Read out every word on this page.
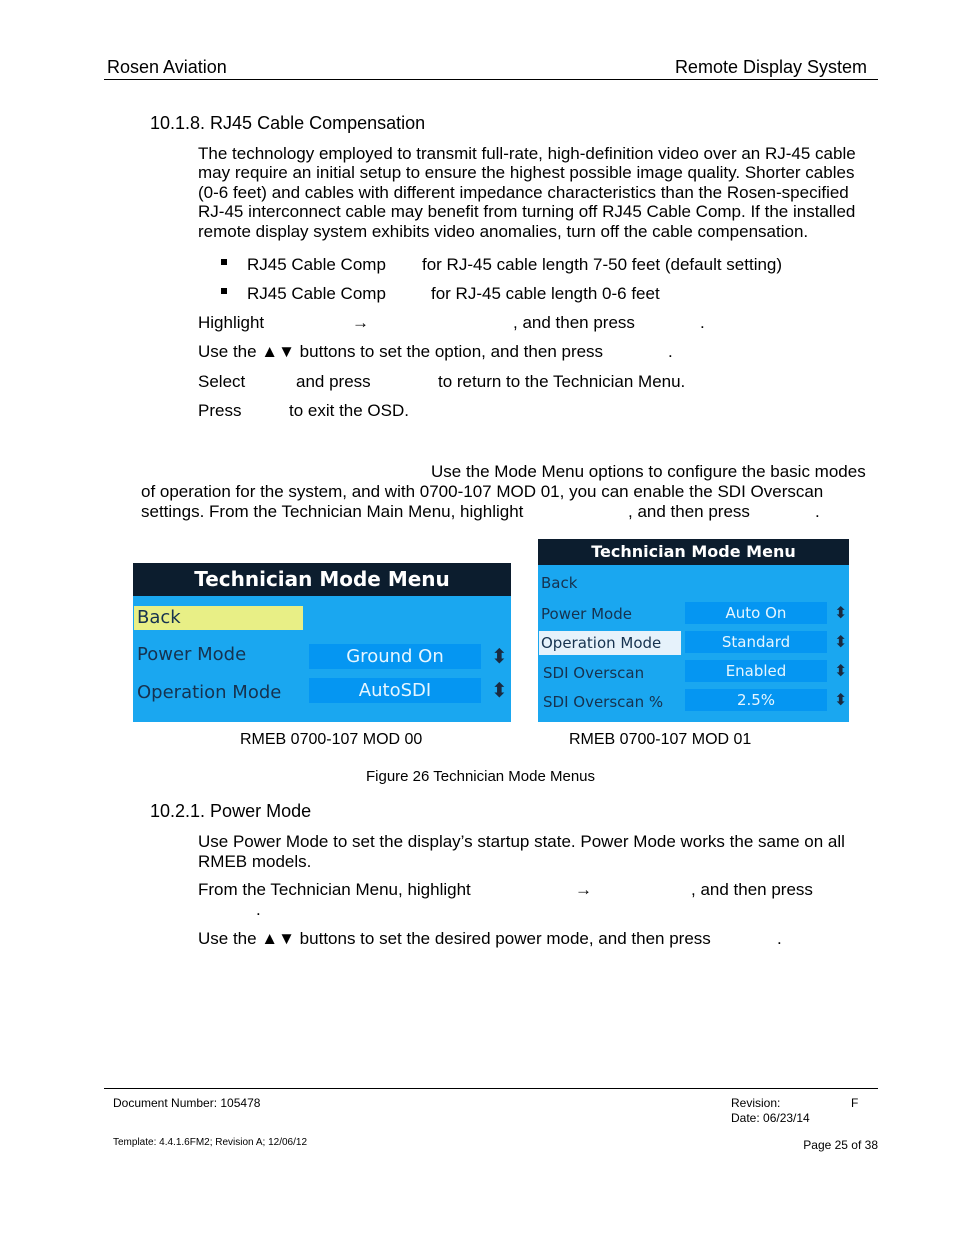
Rosen Aviation	Remote Display System
10.1.8. RJ45 Cable Compensation
The technology employed to transmit full-rate, high-definition video over an RJ-45 cable
may require an initial setup to ensure the highest possible image quality. Shorter cables
(0-6 feet) and cables with different impedance characteristics than the Rosen-specified
RJ-45 interconnect cable may benefit from turning off RJ45 Cable Comp. If the installed
remote display system exhibits video anomalies, turn off the cable compensation.
RJ45 Cable Comp for RJ-45 cable length 7-50 feet (default setting)
RJ45 Cable Comp	for RJ-45 cable length 0-6 feet
Highlight	→	, and then press	.
Use the ▲▼ buttons to set the option, and then press	.
Select	and press	to return to the Technician Menu.
Press	to exit the OSD.
Use the Mode Menu options to configure the basic modes
of operation for the system, and with 0700-107 MOD 01, you can enable the SDI Overscan
settings. From the Technician Main Menu, highlight	, and then press	.
Technician Mode Menu
Back
Power Mode	Ground On	⬍
Operation Mode	AutoSDI	⬍
Technician Mode Menu
Back
Power Mode	Auto On	⬍
Operation Mode	Standard	⬍
SDI Overscan	Enabled	⬍
SDI Overscan %	2.5%	⬍
RMEB 0700-107 MOD 00	RMEB 0700-107 MOD 01
Figure 26 Technician Mode Menus
10.2.1. Power Mode
Use Power Mode to set the display’s startup state. Power Mode works the same on all
RMEB models.
From the Technician Menu, highlight	→	, and then press
.
Use the ▲▼ buttons to set the desired power mode, and then press	.
Document Number: 105478	Revision:	F
Date: 06/23/14
Template: 4.4.1.6FM2; Revision A; 12/06/12	Page 25 of 38
